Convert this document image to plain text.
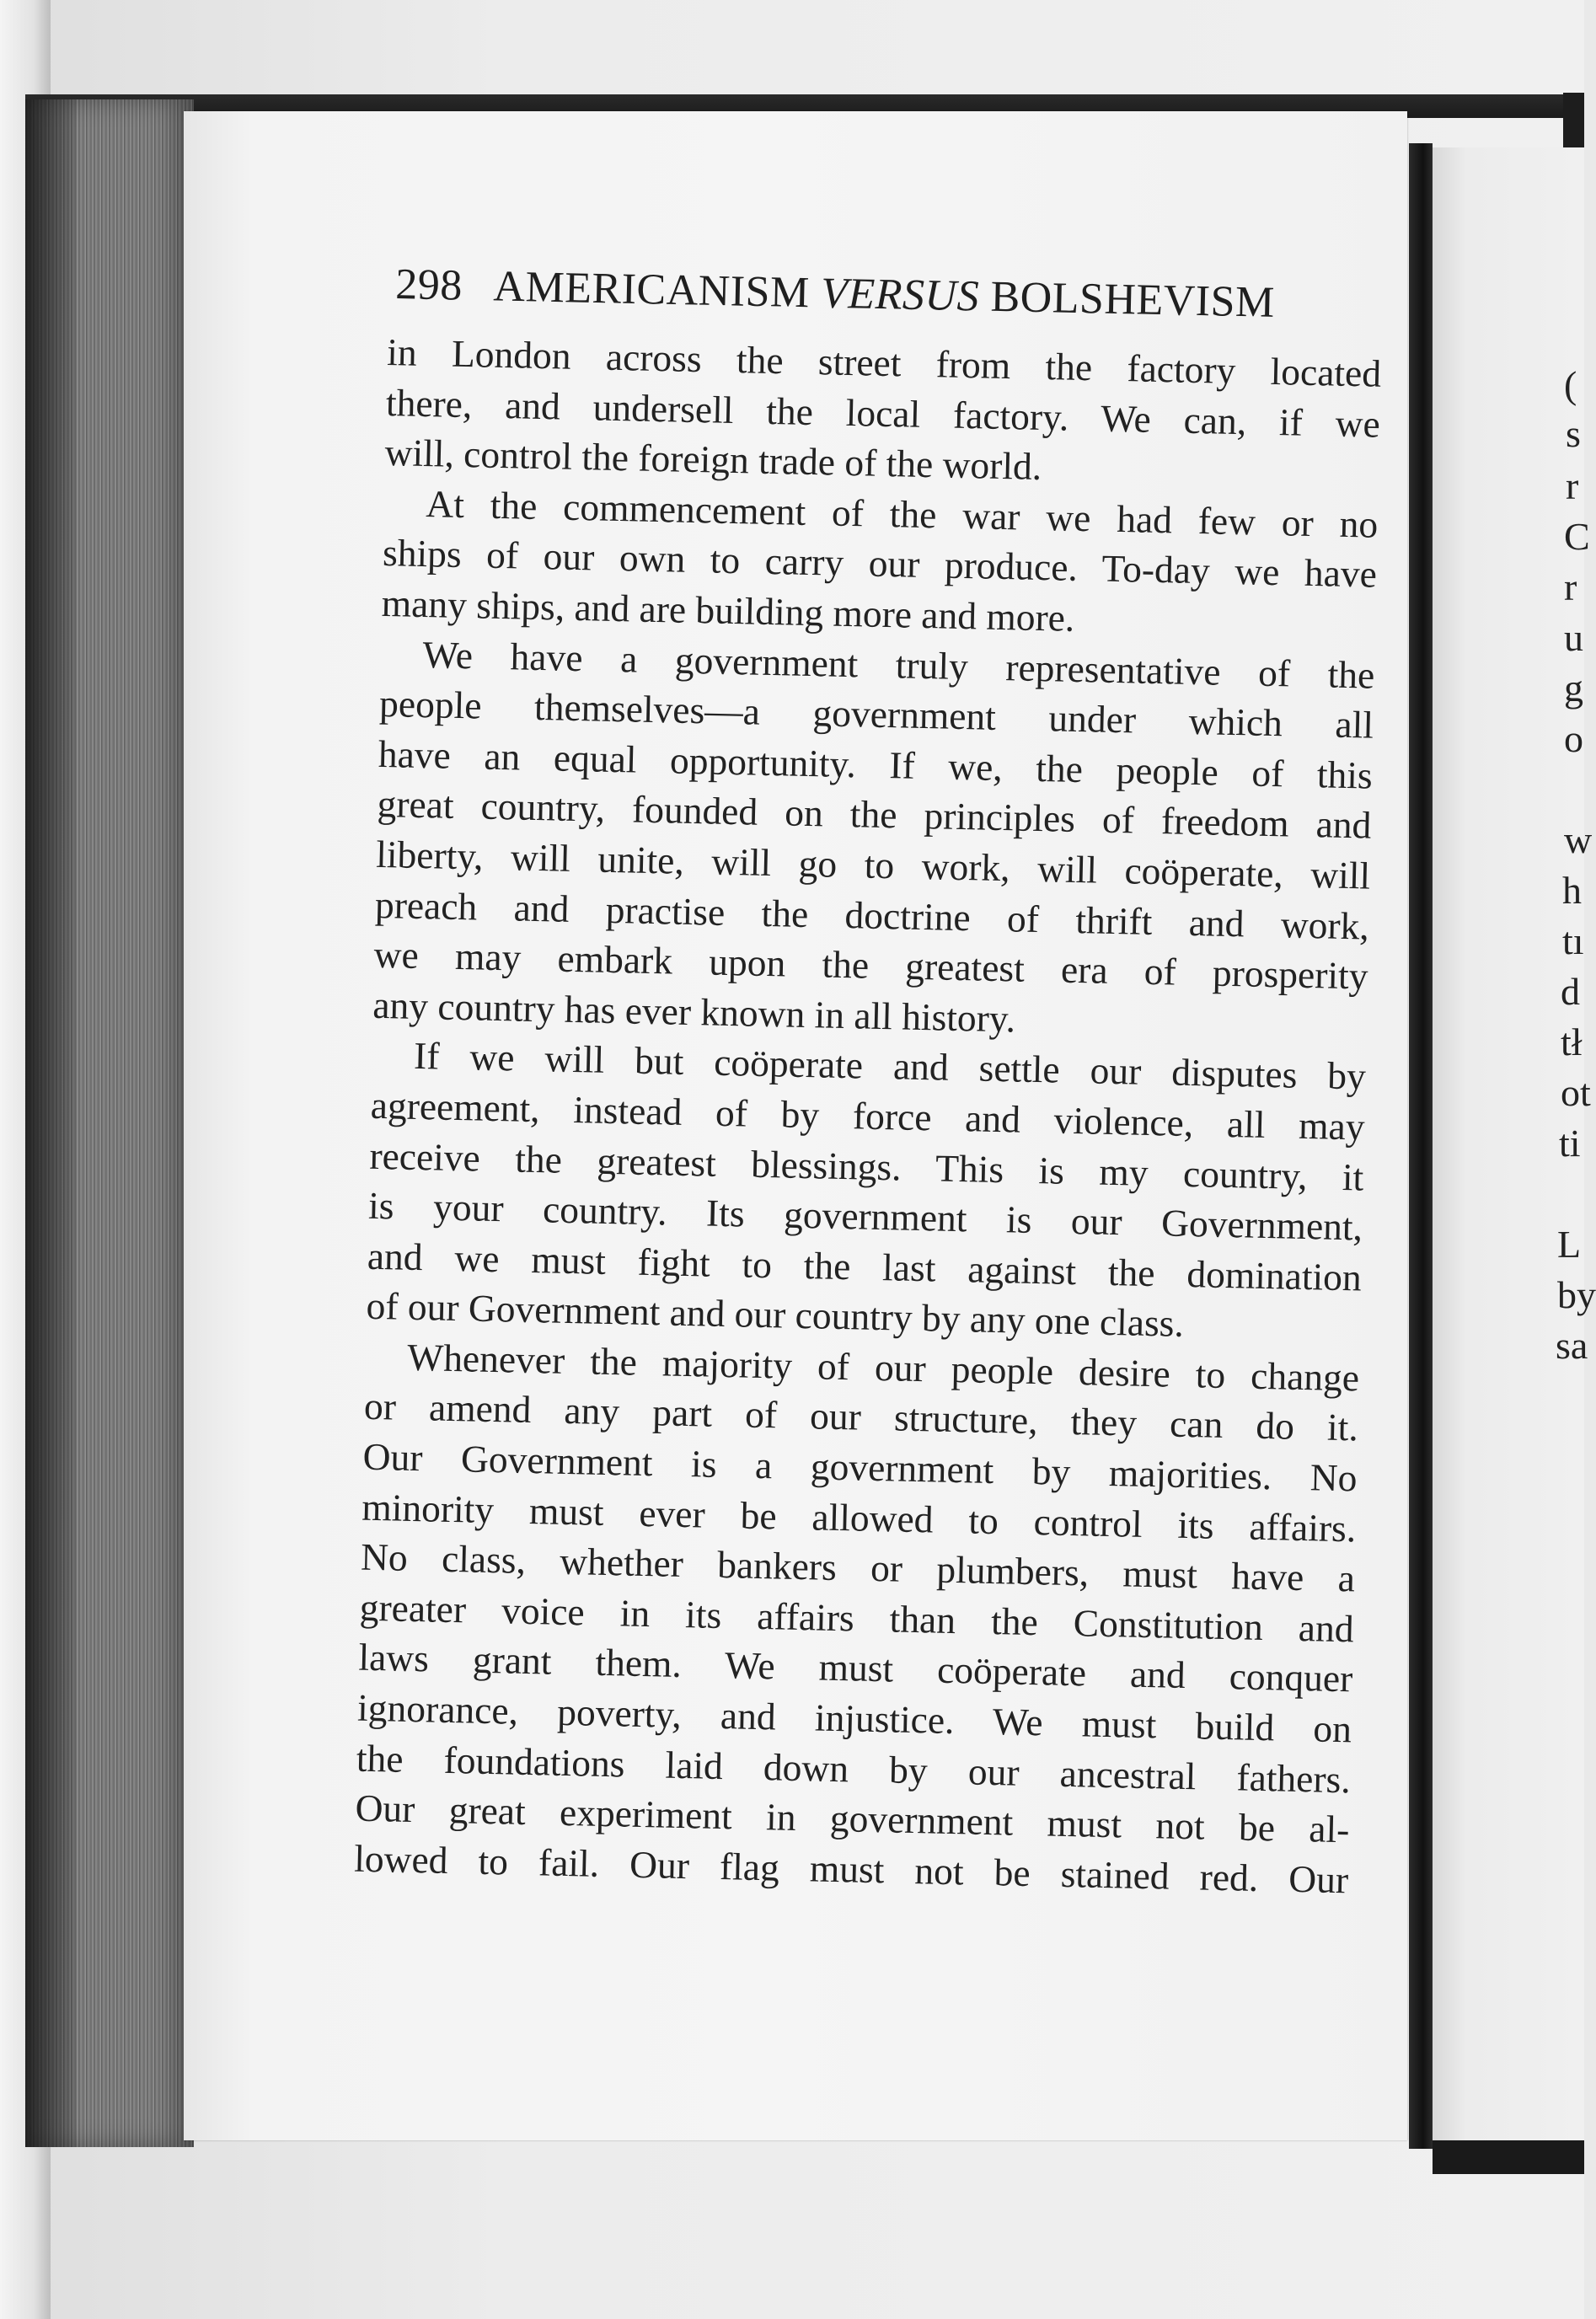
298 AMERICANISM VERSUS BOLSHEVISM
in London across the street from the factory located
there, and undersell the local factory. We can, if we
will, control the foreign trade of the world.
At the commencement of the war we had few or no
ships of our own to carry our produce. To-day we have
many ships, and are building more and more.
We have a government truly representative of the
people themselves—a government under which all
have an equal opportunity. If we, the people of this
great country, founded on the principles of freedom and
liberty, will unite, will go to work, will coöperate, will
preach and practise the doctrine of thrift and work,
we may embark upon the greatest era of prosperity
any country has ever known in all history.
If we will but coöperate and settle our disputes by
agreement, instead of by force and violence, all may
receive the greatest blessings. This is my country, it
is your country. Its government is our Government,
and we must fight to the last against the domination
of our Government and our country by any one class.
Whenever the majority of our people desire to change
or amend any part of our structure, they can do it.
Our Government is a government by majorities. No
minority must ever be allowed to control its affairs.
No class, whether bankers or plumbers, must have a
greater voice in its affairs than the Constitution and
laws grant them. We must coöperate and conquer
ignorance, poverty, and injustice. We must build on
the foundations laid down by our ancestral fathers.
Our great experiment in government must not be al-
lowed to fail. Our flag must not be stained red. Our
(
s
r
C
r
u
g
o
w
h
tı
d
tł
ot
ti
L
by
sa
